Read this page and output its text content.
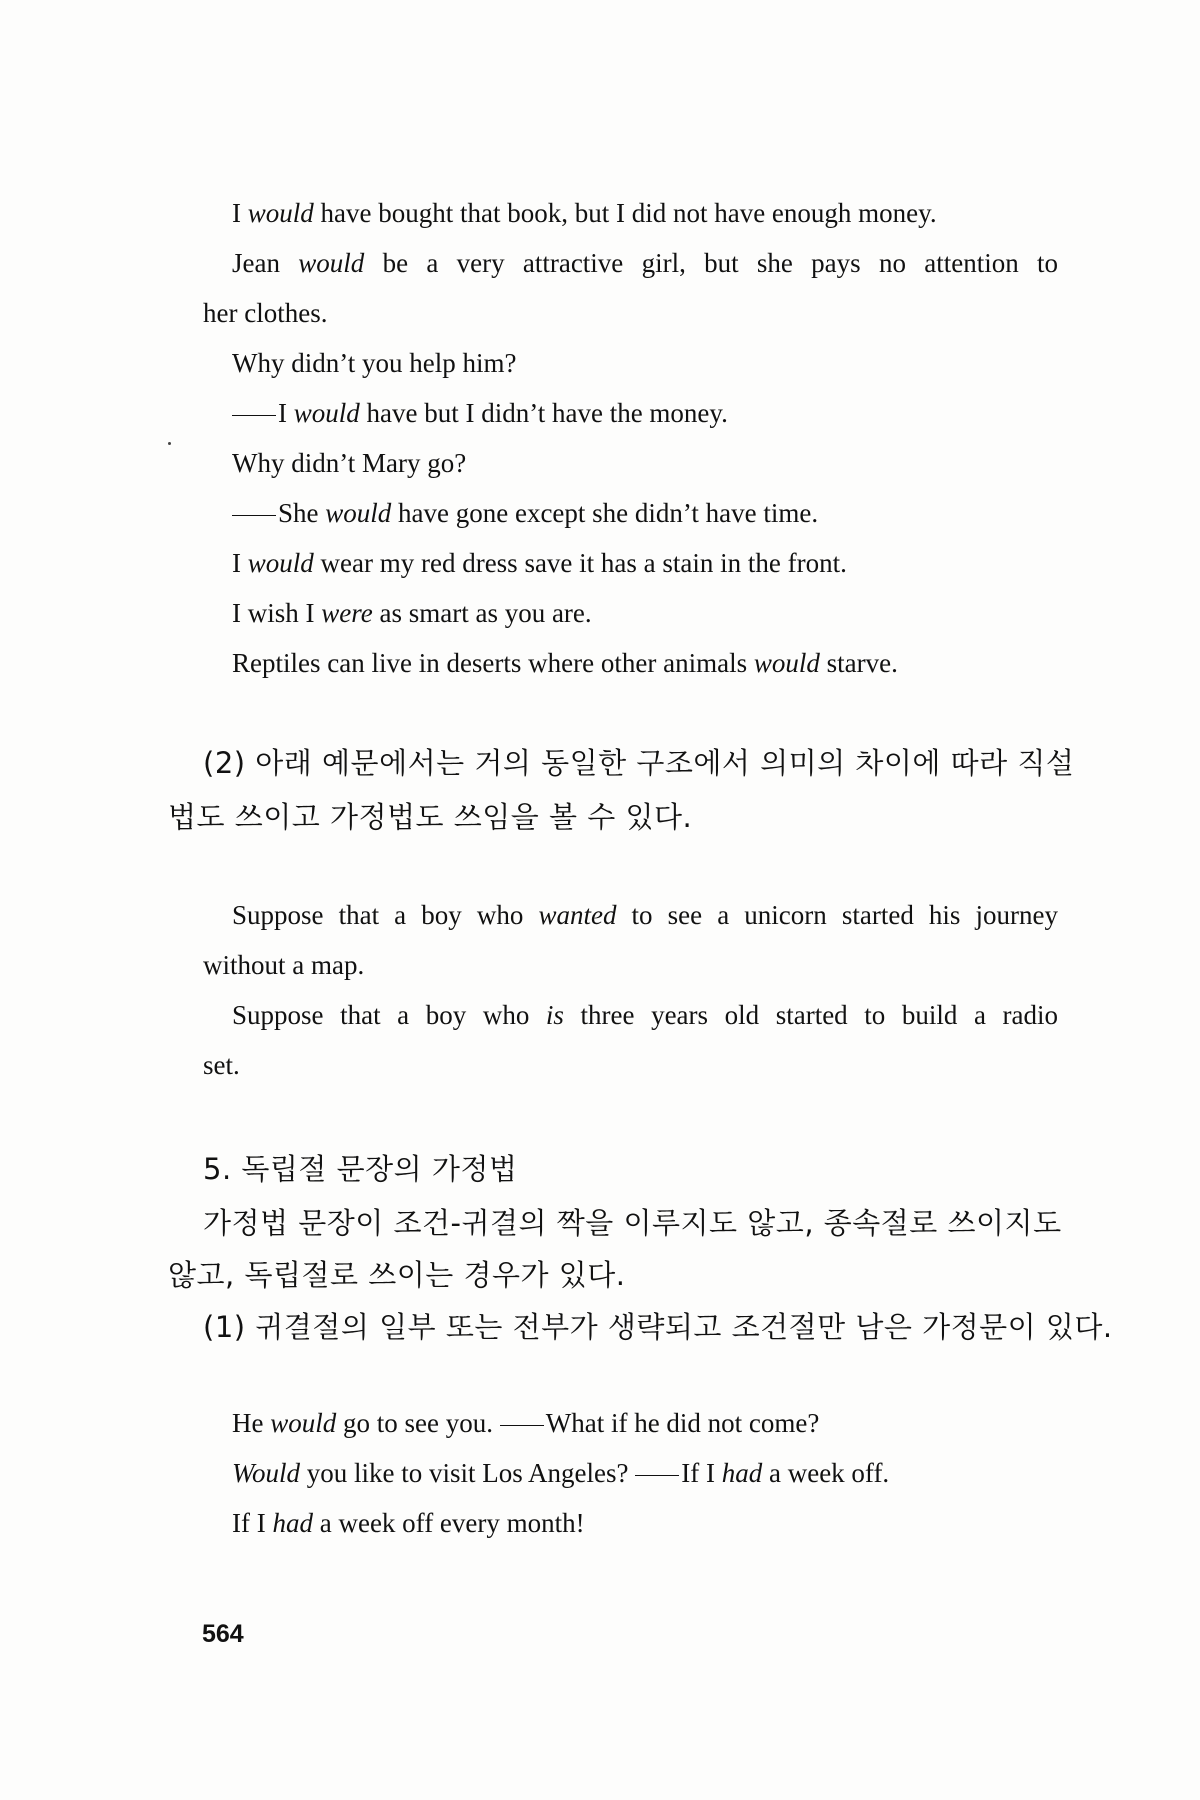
I would have bought that book, but I did not have enough money.
Jean would be a very attractive girl, but she pays no attention to
her clothes.
Why didn’t you help him?
I would have but I didn’t have the money.
Why didn’t Mary go?
She would have gone except she didn’t have time.
I would wear my red dress save it has a stain in the front.
I wish I were as smart as you are.
Reptiles can live in deserts where other animals would starve.
(2) 아래 예문에서는 거의 동일한 구조에서 의미의 차이에 따라 직설
법도 쓰이고 가정법도 쓰임을 볼 수 있다.
Suppose that a boy who wanted to see a unicorn started his journey
without a map.
Suppose that a boy who is three years old started to build a radio
set.
5. 독립절 문장의 가정법
가정법 문장이 조건-귀결의 짝을 이루지도 않고, 종속절로 쓰이지도
않고, 독립절로 쓰이는 경우가 있다.
(1) 귀결절의 일부 또는 전부가 생략되고 조건절만 남은 가정문이 있다.
He would go to see you. What if he did not come?
Would you like to visit Los Angeles? If I had a week off.
If I had a week off every month!
564
